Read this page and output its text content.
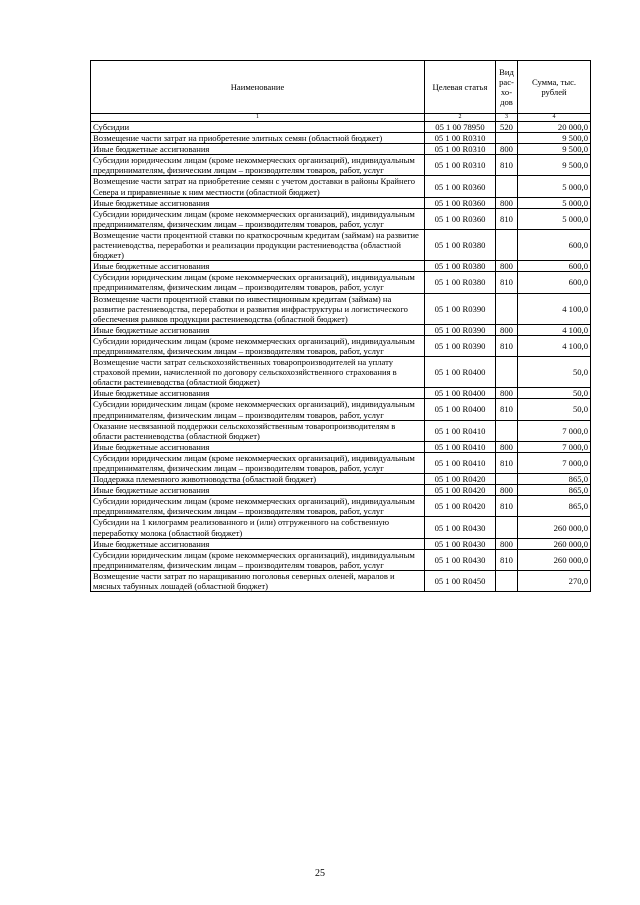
Наименование	Целевая статья	Вид рас-хо-дов	Сумма, тыс. рублей
1	2	3	4
Субсидии	05 1 00 78950	520	20 000,0
Возмещение части затрат на приобретение элитных семян (областной бюджет)	05 1 00 R0310		9 500,0
Иные бюджетные ассигнования	05 1 00 R0310	800	9 500,0
Субсидии юридическим лицам (кроме некоммерческих организаций), индивидуальным предпринимателям, физическим лицам – производителям товаров, работ, услуг	05 1 00 R0310	810	9 500,0
Возмещение части затрат на приобретение семян с учетом доставки в районы Крайнего Севера и приравненные к ним местности (областной бюджет)	05 1 00 R0360		5 000,0
Иные бюджетные ассигнования	05 1 00 R0360	800	5 000,0
Субсидии юридическим лицам (кроме некоммерческих организаций), индивидуальным предпринимателям, физическим лицам – производителям товаров, работ, услуг	05 1 00 R0360	810	5 000,0
Возмещение части процентной ставки по краткосрочным кредитам (займам) на развитие растениеводства, переработки и реализации продукции растениеводства (областной бюджет)	05 1 00 R0380		600,0
Иные бюджетные ассигнования	05 1 00 R0380	800	600,0
Субсидии юридическим лицам (кроме некоммерческих организаций), индивидуальным предпринимателям, физическим лицам – производителям товаров, работ, услуг	05 1 00 R0380	810	600,0
Возмещение части процентной ставки по инвестиционным кредитам (займам) на развитие растениеводства, переработки и развития инфраструктуры и логистического обеспечения рынков продукции растениеводства (областной бюджет)	05 1 00 R0390		4 100,0
Иные бюджетные ассигнования	05 1 00 R0390	800	4 100,0
Субсидии юридическим лицам (кроме некоммерческих организаций), индивидуальным предпринимателям, физическим лицам – производителям товаров, работ, услуг	05 1 00 R0390	810	4 100,0
Возмещение части затрат сельскохозяйственных товаропроизводителей на уплату страховой премии, начисленной по договору сельскохозяйственного страхования в области растениеводства (областной бюджет)	05 1 00 R0400		50,0
Иные бюджетные ассигнования	05 1 00 R0400	800	50,0
Субсидии юридическим лицам (кроме некоммерческих организаций), индивидуальным предпринимателям, физическим лицам – производителям товаров, работ, услуг	05 1 00 R0400	810	50,0
Оказание несвязанной поддержки сельскохозяйственным товаропроизводителям в области растениеводства (областной бюджет)	05 1 00 R0410		7 000,0
Иные бюджетные ассигнования	05 1 00 R0410	800	7 000,0
Субсидии юридическим лицам (кроме некоммерческих организаций), индивидуальным предпринимателям, физическим лицам – производителям товаров, работ, услуг	05 1 00 R0410	810	7 000,0
Поддержка племенного животноводства (областной бюджет)	05 1 00 R0420		865,0
Иные бюджетные ассигнования	05 1 00 R0420	800	865,0
Субсидии юридическим лицам (кроме некоммерческих организаций), индивидуальным предпринимателям, физическим лицам – производителям товаров, работ, услуг	05 1 00 R0420	810	865,0
Субсидии на 1 килограмм реализованного и (или) отгруженного на собственную переработку молока (областной бюджет)	05 1 00 R0430		260 000,0
Иные бюджетные ассигнования	05 1 00 R0430	800	260 000,0
Субсидии юридическим лицам (кроме некоммерческих организаций), индивидуальным предпринимателям, физическим лицам – производителям товаров, работ, услуг	05 1 00 R0430	810	260 000,0
Возмещение части затрат по наращиванию поголовья северных оленей, маралов и мясных табунных лошадей (областной бюджет)	05 1 00 R0450		270,0
25
